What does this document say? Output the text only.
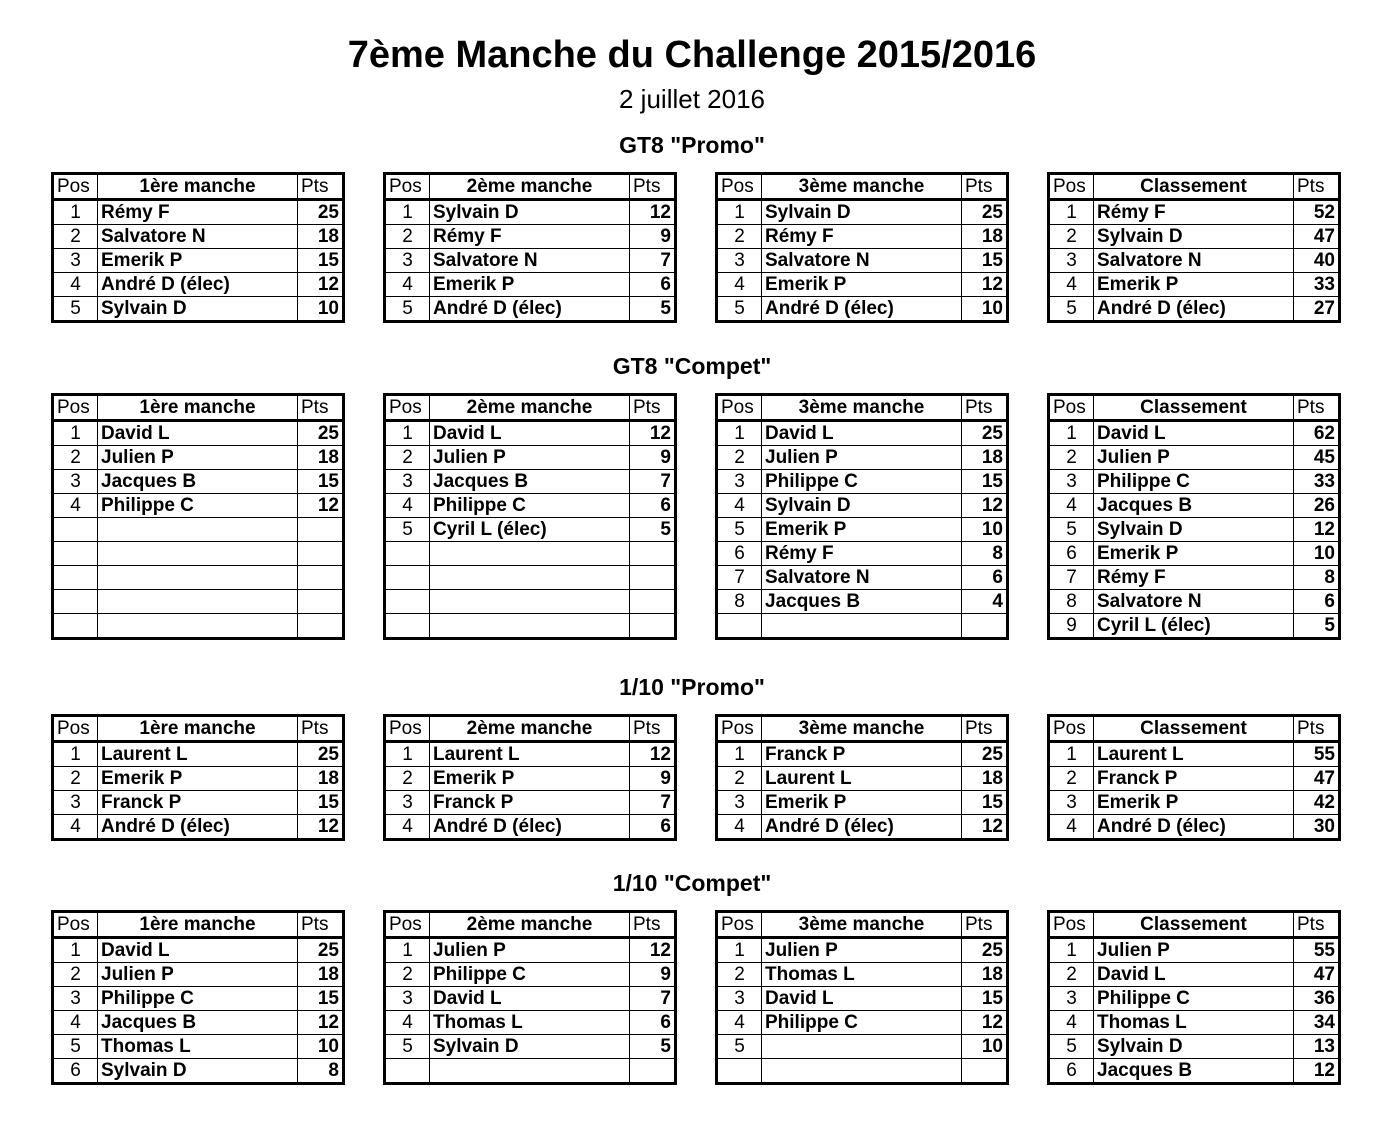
7ème Manche du Challenge 2015/2016
2 juillet 2016
GT8 "Promo"
Pos	1ère manche	Pts
1	Rémy F	25
2	Salvatore N	18
3	Emerik P	15
4	André D (élec)	12
5	Sylvain D	10
Pos	2ème manche	Pts
1	Sylvain D	12
2	Rémy F	9
3	Salvatore N	7
4	Emerik P	6
5	André D (élec)	5
Pos	3ème manche	Pts
1	Sylvain D	25
2	Rémy F	18
3	Salvatore N	15
4	Emerik P	12
5	André D (élec)	10
Pos	Classement	Pts
1	Rémy F	52
2	Sylvain D	47
3	Salvatore N	40
4	Emerik P	33
5	André D (élec)	27
GT8 "Compet"
Pos	1ère manche	Pts
1	David L	25
2	Julien P	18
3	Jacques B	15
4	Philippe C	12

Pos	2ème manche	Pts
1	David L	12
2	Julien P	9
3	Jacques B	7
4	Philippe C	6
5	Cyril L (élec)	5

Pos	3ème manche	Pts
1	David L	25
2	Julien P	18
3	Philippe C	15
4	Sylvain D	12
5	Emerik P	10
6	Rémy F	8
7	Salvatore N	6
8	Jacques B	4

Pos	Classement	Pts
1	David L	62
2	Julien P	45
3	Philippe C	33
4	Jacques B	26
5	Sylvain D	12
6	Emerik P	10
7	Rémy F	8
8	Salvatore N	6
9	Cyril L (élec)	5
1/10 "Promo"
Pos	1ère manche	Pts
1	Laurent L	25
2	Emerik P	18
3	Franck P	15
4	André D (élec)	12
Pos	2ème manche	Pts
1	Laurent L	12
2	Emerik P	9
3	Franck P	7
4	André D (élec)	6
Pos	3ème manche	Pts
1	Franck P	25
2	Laurent L	18
3	Emerik P	15
4	André D (élec)	12
Pos	Classement	Pts
1	Laurent L	55
2	Franck P	47
3	Emerik P	42
4	André D (élec)	30
1/10 "Compet"
Pos	1ère manche	Pts
1	David L	25
2	Julien P	18
3	Philippe C	15
4	Jacques B	12
5	Thomas L	10
6	Sylvain D	8
Pos	2ème manche	Pts
1	Julien P	12
2	Philippe C	9
3	David L	7
4	Thomas L	6
5	Sylvain D	5

Pos	3ème manche	Pts
1	Julien P	25
2	Thomas L	18
3	David L	15
4	Philippe C	12
5		10

Pos	Classement	Pts
1	Julien P	55
2	David L	47
3	Philippe C	36
4	Thomas L	34
5	Sylvain D	13
6	Jacques B	12
